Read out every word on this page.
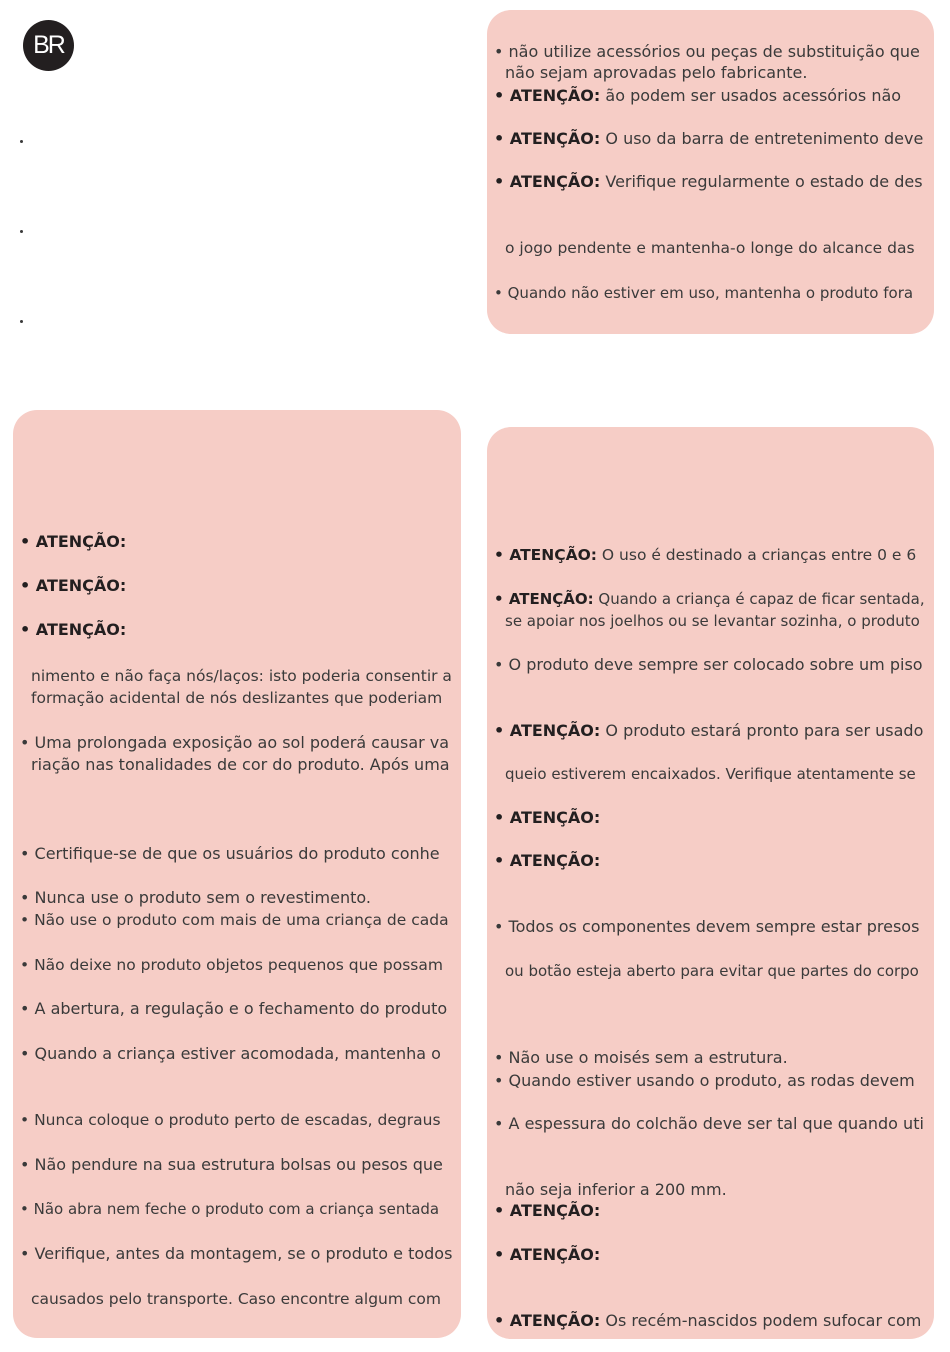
BR	• não utilize acessórios ou peças de substituição que
não sejam aprovadas pelo fabricante.
• ATENÇÃO: ão podem ser usados acessórios não
• ATENÇÃO: O uso da barra de entretenimento deve
• ATENÇÃO: Verifique regularmente o estado de des
o jogo pendente e mantenha-o longe do alcance das
• Quando não estiver em uso, mantenha o produto fora
• ATENÇÃO:
• ATENÇÃO:
• ATENÇÃO:
nimento e não faça nós/laços: isto poderia consentir a
formação acidental de nós deslizantes que poderiam
• Uma prolongada exposição ao sol poderá causar va
riação nas tonalidades de cor do produto. Após uma
• Certifique-se de que os usuários do produto conhe
• Nunca use o produto sem o revestimento.
• Não use o produto com mais de uma criança de cada
• Não deixe no produto objetos pequenos que possam
• A abertura, a regulação e o fechamento do produto
• Quando a criança estiver acomodada, mantenha o
• Nunca coloque o produto perto de escadas, degraus
• Não pendure na sua estrutura bolsas ou pesos que
• Não abra nem feche o produto com a criança sentada
• Verifique, antes da montagem, se o produto e todos
causados pelo transporte. Caso encontre algum com
• ATENÇÃO: O uso é destinado a crianças entre 0 e 6
• ATENÇÃO: Quando a criança é capaz de ficar sentada,
se apoiar nos joelhos ou se levantar sozinha, o produto
• O produto deve sempre ser colocado sobre um piso
• ATENÇÃO: O produto estará pronto para ser usado
queio estiverem encaixados. Verifique atentamente se
• ATENÇÃO:
• ATENÇÃO:
• Todos os componentes devem sempre estar presos
ou botão esteja aberto para evitar que partes do corpo
• Não use o moisés sem a estrutura.
• Quando estiver usando o produto, as rodas devem
• A espessura do colchão deve ser tal que quando uti
não seja inferior a 200 mm.
• ATENÇÃO:
• ATENÇÃO:
• ATENÇÃO: Os recém-nascidos podem sufocar com
